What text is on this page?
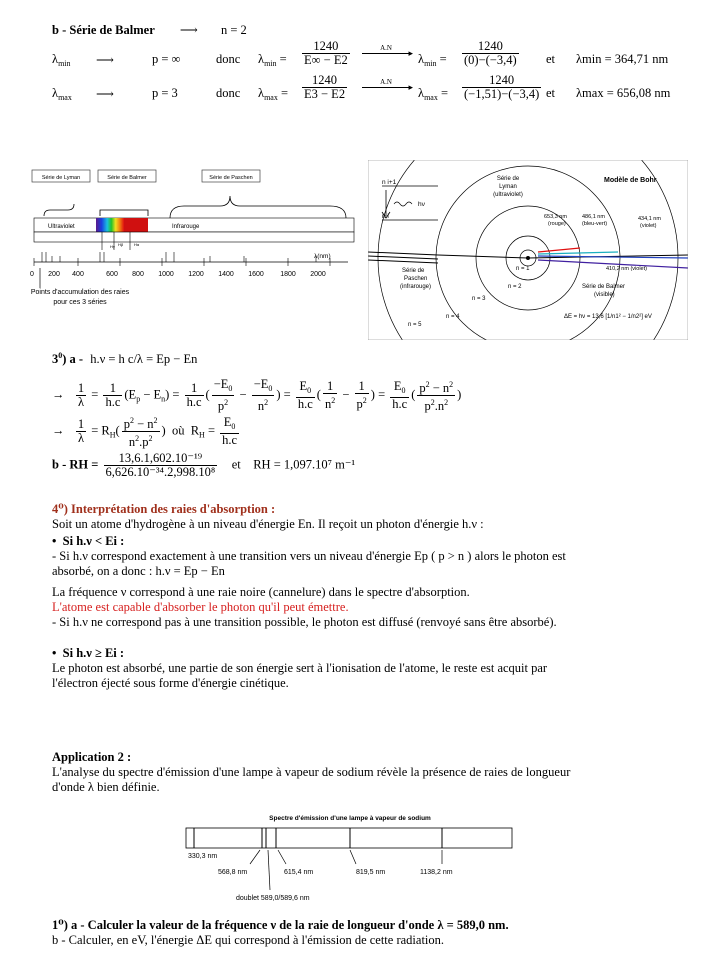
b - Série de Balmer ⟶ n = 2
$\lambda_{min}$ ⟶	p = ∞	donc $\lambda_{min} = \frac{1240}{E\infty - E2}$	A.N	▸ $\lambda_{min} = \frac{1240}{(0)-(-3,4)}$ et λmin = 364,71 nm
$\lambda_{max}$ ⟶	p = 3	donc $\lambda_{max} = \frac{1240}{E3 - E2}$	A.N	▸ $\lambda_{max} = \frac{1240}{(-1,51)-(-3,4)}$ et λmax = 656,08 nm
Série de Lyman	Série de Balmer	Série de Paschen
Ultraviolet	Infrarouge
Hγ Hβ	Hα
λ(nm)
0 200 400	600 800 1000 1200 1400 1600 1800 2000
Points d'accumulation des raies
pour ces 3 séries
Modèle de Bohr
n i+1
n i
hν
Série de
Lyman
(ultraviolet)
653,3 nm
(rouge)
486,1 nm
(bleu-vert)
434,1 nm
(violet)
410,2 nm (violet)
n = 1
n = 2
n = 3
n = 4
n = 5
Série de
Paschen
(infrarouge)	Série de Balmer
(visible)
ΔE = hν = 13,6 [1/n1² − 1/n2²] eV
$3^0$) a - h.ν = h c/λ = Ep − En
→ $\frac{1}{\lambda} = \frac{1}{h.c} (E_p - E_n) = \frac{1}{h.c}$ ( $\frac{-E_0}{p^2} - \frac{-E_0}{n^2}$ ) = $\frac{E_0}{h.c}$ ( $\frac{1}{n^2} - \frac{1}{p^2}$ ) = $\frac{E_0}{h.c}$ ( $\frac{p^2 - n^2}{p^2.n^2}$ )
→ $\frac{1}{\lambda} = R_H( \frac{p^2 - n^2}{n^2.p^2}$ )  où  $R_H = \frac{E_0}{h.c}$
b - RH = $\frac{\text{13,6.1,602.10⁻¹⁹}}{\text{6,626.10⁻³⁴.2,998.10⁸}}$ et    RH = 1,097.10⁷ m⁻¹
4⁰) Interprétation des raies d'absorption :
Soit un atome d'hydrogène à un niveau d'énergie En. Il reçoit un photon d'énergie h.ν :
•  Si h.ν < Ei :
- Si h.ν correspond exactement à une transition vers un niveau d'énergie Ep ( p > n ) alors le photon est
absorbé, on a donc : h.ν = Ep − En
La fréquence ν correspond à une raie noire (cannelure) dans le spectre d'absorption.
L'atome est capable d'absorber le photon qu'il peut émettre.
- Si h.ν ne correspond pas à une transition possible, le photon est diffusé (renvoyé sans être absorbé).
•  Si h.ν ≥ Ei :
Le photon est absorbé, une partie de son énergie sert à l'ionisation de l'atome, le reste est acquit par
l'électron éjecté sous forme d'énergie cinétique.
Application 2 :
L'analyse du spectre d'émission d'une lampe à vapeur de sodium révèle la présence de raies de longueur
d'onde λ bien définie.
Spectre d'émission d'une lampe à vapeur de sodium
330,3 nm
568,8 nm	615,4 nm	819,5 nm	1138,2 nm
doublet 589,0/589,6 nm
1⁰) a - Calculer la valeur de la fréquence ν de la raie de longueur d'onde λ = 589,0 nm.
b - Calculer, en eV, l'énergie ΔE qui correspond à l'émission de cette radiation.
